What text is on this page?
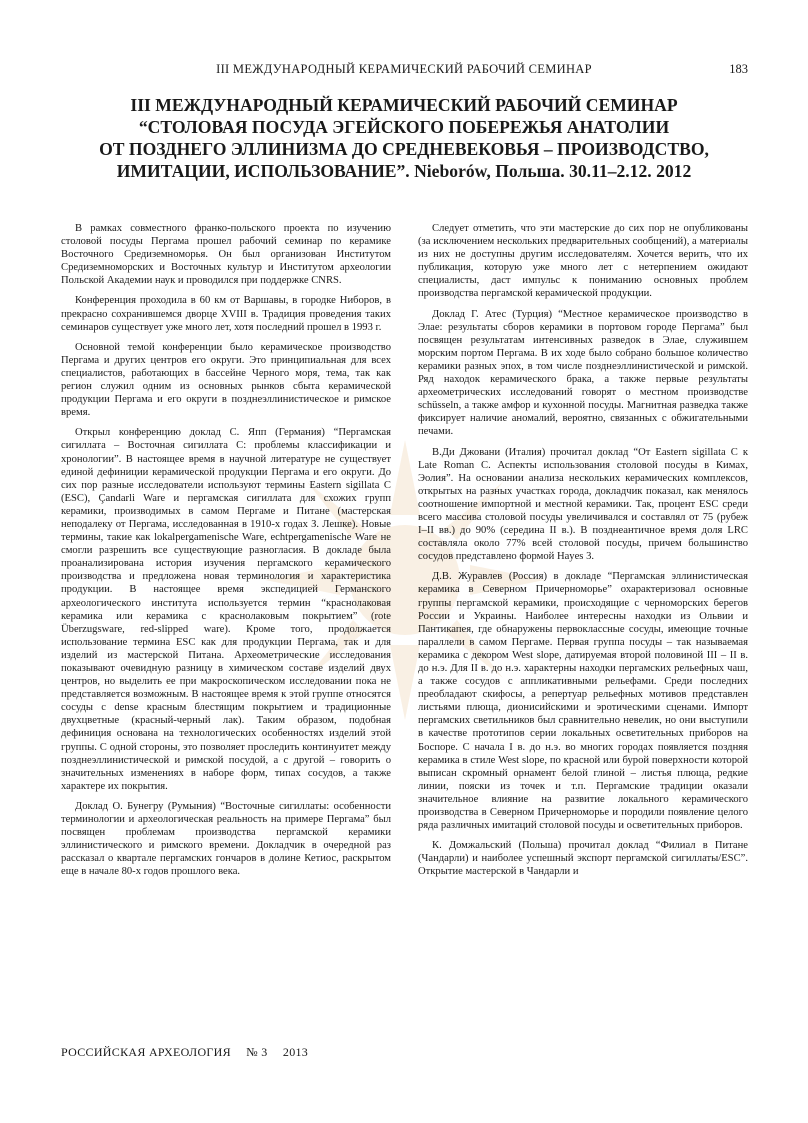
III МЕЖДУНАРОДНЫЙ КЕРАМИЧЕСКИЙ РАБОЧИЙ СЕМИНАР	183
III МЕЖДУНАРОДНЫЙ КЕРАМИЧЕСКИЙ РАБОЧИЙ СЕМИНАР
“СТОЛОВАЯ ПОСУДА ЭГЕЙСКОГО ПОБЕРЕЖЬЯ АНАТОЛИИ
ОТ ПОЗДНЕГО ЭЛЛИНИЗМА ДО СРЕДНЕВЕКОВЬЯ – ПРОИЗВОДСТВО,
ИМИТАЦИИ, ИСПОЛЬЗОВАНИЕ”. Nieborów, Польша. 30.11–2.12. 2012

В рамках совместного франко-польского проекта по изучению столовой посуды Пергама прошел рабочий семинар по керамике Восточного Средиземноморья. Он был организован Институтом Средиземноморских и Восточных культур и Институтом археологии Польской Академии наук и проводился при поддержке CNRS.

Конференция проходила в 60 км от Варшавы, в городке Ниборов, в прекрасно сохранившемся дворце XVIII в. Традиция проведения таких семинаров существует уже много лет, хотя последний прошел в 1993 г.

Основной темой конференции было керамическое производство Пергама и других центров его округи. Это принципиальная для всех специалистов, работающих в бассейне Черного моря, тема, так как регион служил одним из основных рынков сбыта керамической продукции Пергама и его округи в позднеэллинистическое и римское время.

Открыл конференцию доклад С. Япп (Германия) “Пергамская сигиллата – Восточная сигиллата С: проблемы классификации и хронологии”. В настоящее время в научной литературе не существует единой дефиниции керамической продукции Пергама и его округи. До сих пор разные исследователи используют термины Eastern sigillata C (ESC), Çandarli Ware и пергамская сигиллата для схожих групп керамики, производимых в самом Пергаме и Питане (мастерская неподалеку от Пергама, исследованная в 1910-х годах З. Лешке). Новые термины, такие как lokalpergamenische Ware, echtpergamenische Ware не смогли разрешить все существующие разногласия. В докладе была проанализирована история изучения пергамского керамического производства и предложена новая терминология и характеристика продукции. В настоящее время экспедицией Германского археологического института используется термин “краснолаковая керамика или керамика с краснолаковым покрытием” (rote Überzugsware, red-slipped ware). Кроме того, продолжается использование термина ESC как для продукции Пергама, так и для изделий из мастерской Питана. Археометрические исследования показывают очевидную разницу в химическом составе изделий двух центров, но выделить ее при макроскопическом исследовании пока не представляется возможным. В настоящее время к этой группе относятся сосуды с dense красным блестящим покрытием и традиционные двухцветные (красный-черный лак). Таким образом, подобная дефиниция основана на технологических особенностях изделий этой группы. С одной стороны, это позволяет проследить континуитет между позднеэллинистической и римской посудой, а с другой – говорить о значительных изменениях в наборе форм, типах сосудов, а также характере их покрытия.

Доклад О. Бунегру (Румыния) “Восточные сигиллаты: особенности терминологии и археологическая реальность на примере Пергама” был посвящен проблемам производства пергамской керамики эллинистического и римского времени. Докладчик в очередной раз рассказал о квартале пергамских гончаров в долине Кетиос, раскрытом еще в начале 80-х годов прошлого века.

Следует отметить, что эти мастерские до сих пор не опубликованы (за исключением нескольких предварительных сообщений), а материалы из них не доступны другим исследователям. Хочется верить, что их публикация, которую уже много лет с нетерпением ожидают специалисты, даст импульс к пониманию основных проблем производства пергамской керамической продукции.

Доклад Г. Атес (Турция) “Местное керамическое производство в Элае: результаты сборов керамики в портовом городе Пергама” был посвящен результатам интенсивных разведок в Элае, служившем морским портом Пергама. В их ходе было собрано большое количество керамики разных эпох, в том числе позднеэллинистической и римской. Ряд находок керамического брака, а также первые результаты археометрических исследований говорят о местном производстве schüsseln, а также амфор и кухонной посуды. Магнитная разведка также фиксирует наличие аномалий, вероятно, связанных с обжигательными печами.

В.Ди Джовани (Италия) прочитал доклад “От Eastern sigillata C к Late Roman C. Аспекты использования столовой посуды в Кимах, Эолия”. На основании анализа нескольких керамических комплексов, открытых на разных участках города, докладчик показал, как менялось соотношение импортной и местной керамики. Так, процент ESC среди всего массива столовой посуды увеличивался и составлял от 75 (рубеж I–II вв.) до 90% (середина II в.). В позднеантичное время доля LRC составляла около 77% всей столовой посуды, причем большинство сосудов представлено формой Hayes 3.

Д.В. Журавлев (Россия) в докладе “Пергамская эллинистическая керамика в Северном Причерноморье” охарактеризовал основные группы пергамской керамики, происходящие с черноморских берегов России и Украины. Наиболее интересны находки из Ольвии и Пантикапея, где обнаружены первоклассные сосуды, имеющие точные параллели в самом Пергаме. Первая группа посуды – так называемая керамика с декором West slope, датируемая второй половиной III – II в. до н.э. Для II в. до н.э. характерны находки пергамских рельефных чаш, а также сосудов с аппликативными рельефами. Среди последних преобладают скифосы, а репертуар рельефных мотивов представлен листьями плюща, дионисийскими и эротическими сценами. Импорт пергамских светильников был сравнительно невелик, но они выступили в качестве прототипов серии локальных осветительных приборов на Боспоре. С начала I в. до н.э. во многих городах появляется поздняя керамика в стиле West slope, по красной или бурой поверхности которой выписан скромный орнамент белой глиной – листья плюща, редкие линии, пояски из точек и т.п. Пергамские традиции оказали значительное влияние на развитие локального керамического производства в Северном Причерноморье и породили появление целого ряда различных имитаций столовой посуды и осветительных приборов.

К. Домжальский (Польша) прочитал доклад “Филиал в Питане (Чандарли) и наиболее успешный экспорт пергамской сигиллаты/ESC”. Открытие мастерской в Чандарли и

РОССИЙСКАЯ АРХЕОЛОГИЯ № 3 2013
